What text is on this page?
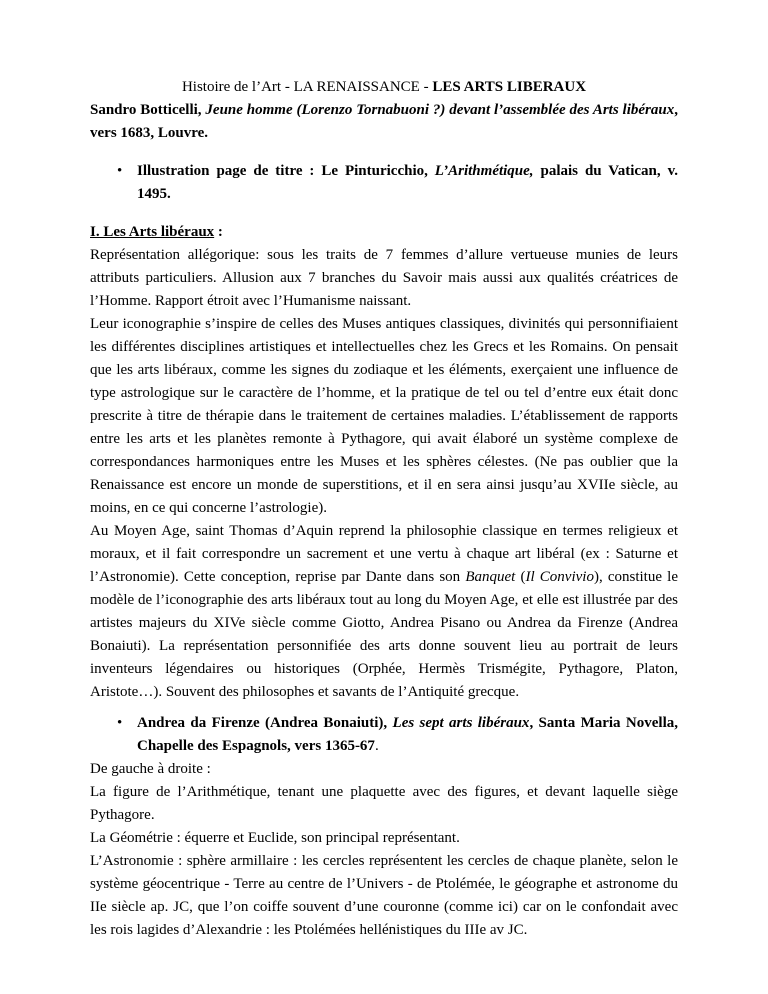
Histoire de l’Art - LA RENAISSANCE - LES ARTS LIBERAUX

Sandro Botticelli, Jeune homme (Lorenzo Tornabuoni ?) devant l’assemblée des Arts libéraux, vers 1683, Louvre.

• Illustration page de titre : Le Pinturicchio, L’Arithmétique, palais du Vatican, v. 1495.

I. Les Arts libéraux :

Représentation allégorique: sous les traits de 7 femmes d’allure vertueuse munies de leurs attributs particuliers. Allusion aux 7 branches du Savoir mais aussi aux qualités créatrices de l’Homme. Rapport étroit avec l’Humanisme naissant.

Leur iconographie s’inspire de celles des Muses antiques classiques, divinités qui personnifiaient les différentes disciplines artistiques et intellectuelles chez les Grecs et les Romains. On pensait que les arts libéraux, comme les signes du zodiaque et les éléments, exerçaient une influence de type astrologique sur le caractère de l’homme, et la pratique de tel ou tel d’entre eux était donc prescrite à titre de thérapie dans le traitement de certaines maladies. L’établissement de rapports entre les arts et les planètes remonte à Pythagore, qui avait élaboré un système complexe de correspondances harmoniques entre les Muses et les sphères célestes. (Ne pas oublier que la Renaissance est encore un monde de superstitions, et il en sera ainsi jusqu’au XVIIe siècle, au moins, en ce qui concerne l’astrologie).

Au Moyen Age, saint Thomas d’Aquin reprend la philosophie classique en termes religieux et moraux, et il fait correspondre un sacrement et une vertu à chaque art libéral (ex : Saturne et l’Astronomie). Cette conception, reprise par Dante dans son Banquet (Il Convivio), constitue le modèle de l’iconographie des arts libéraux tout au long du Moyen Age, et elle est illustrée par des artistes majeurs du XIVe siècle comme Giotto, Andrea Pisano ou Andrea da Firenze (Andrea Bonaiuti). La représentation personnifiée des arts donne souvent lieu au portrait de leurs inventeurs légendaires ou historiques (Orphée, Hermès Trismégite, Pythagore, Platon, Aristote…). Souvent des philosophes et savants de l’Antiquité grecque.

• Andrea da Firenze (Andrea Bonaiuti), Les sept arts libéraux, Santa Maria Novella, Chapelle des Espagnols, vers 1365-67.

De gauche à droite :

La figure de l’Arithmétique, tenant une plaquette avec des figures, et devant laquelle siège Pythagore.

La Géométrie : équerre et Euclide, son principal représentant.

L’Astronomie : sphère armillaire : les cercles représentent les cercles de chaque planète, selon le système géocentrique - Terre au centre de l’Univers - de Ptolémée, le géographe et astronome du IIe siècle ap. JC, que l’on coiffe souvent d’une couronne (comme ici) car on le confondait avec les rois lagides d’Alexandrie : les Ptolémées hellénistiques du IIIe av JC.
